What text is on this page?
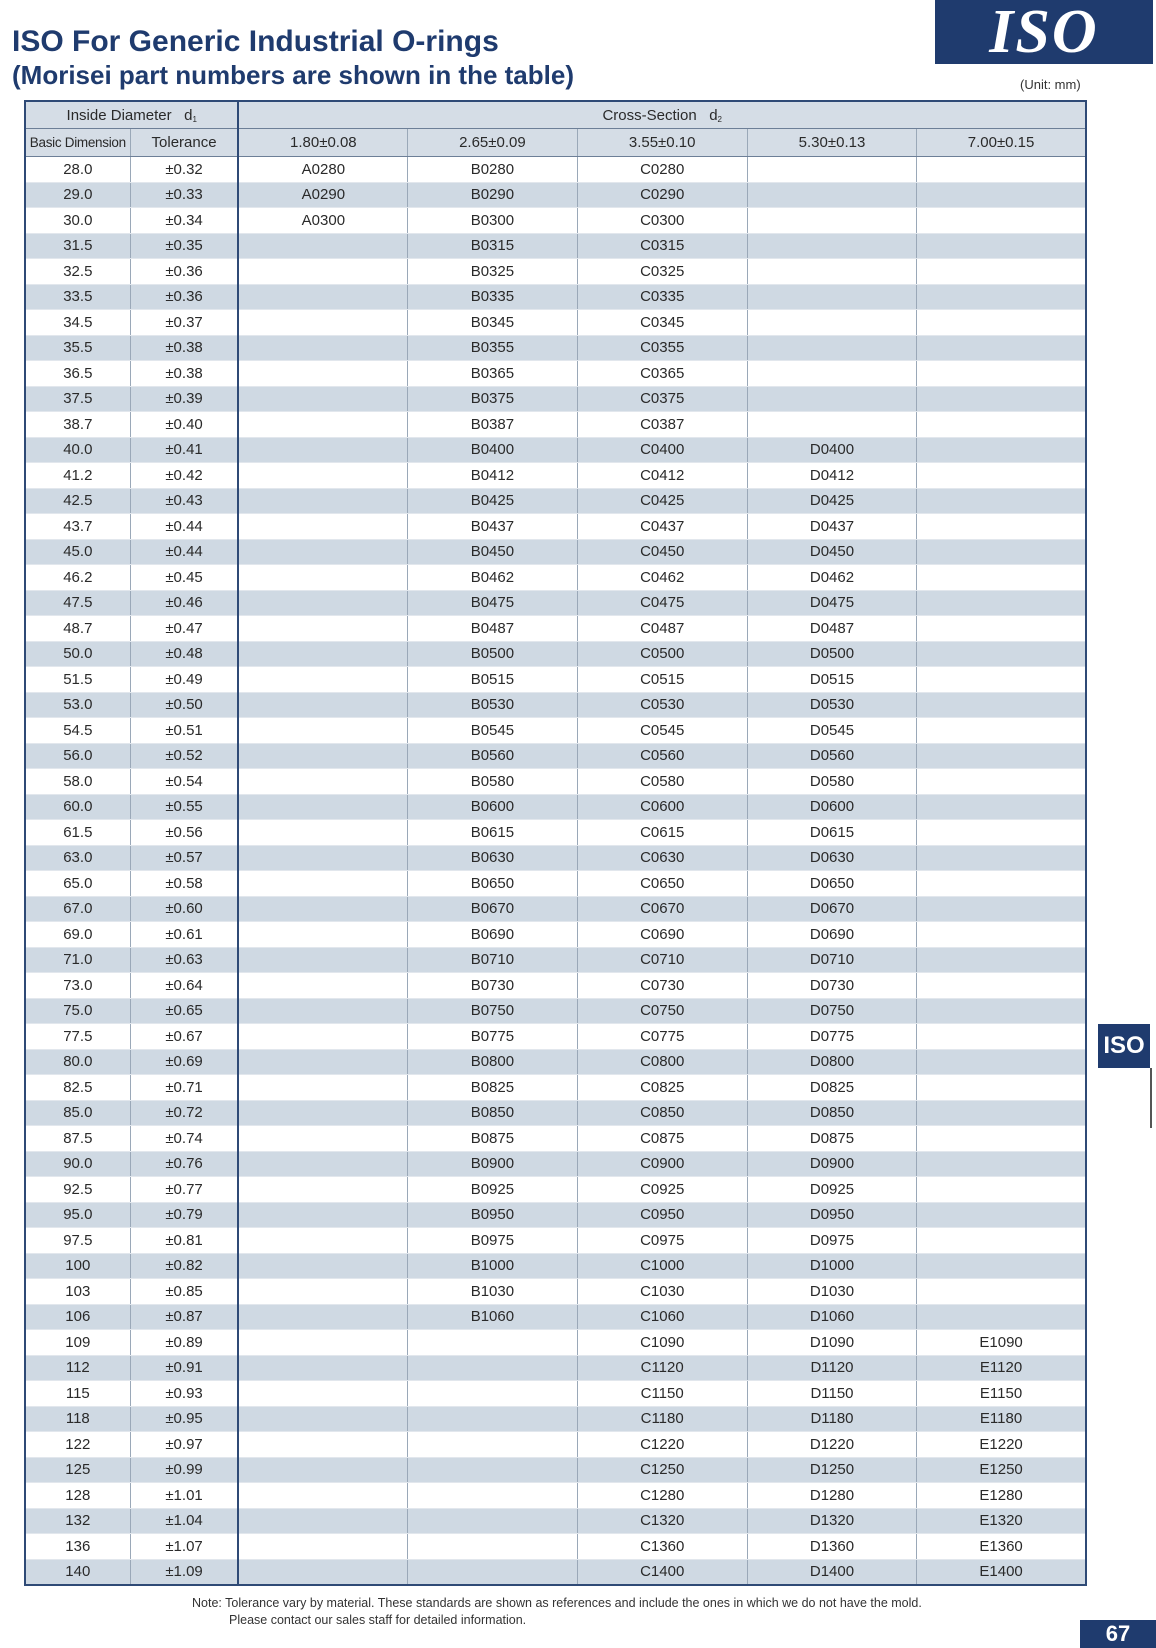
ISO For Generic Industrial O-rings
(Morisei part numbers are shown in the table)
ISO
(Unit: mm)
Inside Diameter $d_1$		Cross-Section $d_2$
Basic Dimension	Tolerance	1.80±0.08	2.65±0.09	3.55±0.10	5.30±0.13	7.00±0.15
28.0	±0.32	A0280	B0280	C0280		
29.0	±0.33	A0290	B0290	C0290		
30.0	±0.34	A0300	B0300	C0300		
31.5	±0.35		B0315	C0315		
32.5	±0.36		B0325	C0325		
33.5	±0.36		B0335	C0335		
34.5	±0.37		B0345	C0345		
35.5	±0.38		B0355	C0355		
36.5	±0.38		B0365	C0365		
37.5	±0.39		B0375	C0375		
38.7	±0.40		B0387	C0387		
40.0	±0.41		B0400	C0400	D0400	
41.2	±0.42		B0412	C0412	D0412	
42.5	±0.43		B0425	C0425	D0425	
43.7	±0.44		B0437	C0437	D0437	
45.0	±0.44		B0450	C0450	D0450	
46.2	±0.45		B0462	C0462	D0462	
47.5	±0.46		B0475	C0475	D0475	
48.7	±0.47		B0487	C0487	D0487	
50.0	±0.48		B0500	C0500	D0500	
51.5	±0.49		B0515	C0515	D0515	
53.0	±0.50		B0530	C0530	D0530	
54.5	±0.51		B0545	C0545	D0545	
56.0	±0.52		B0560	C0560	D0560	
58.0	±0.54		B0580	C0580	D0580	
60.0	±0.55		B0600	C0600	D0600	
61.5	±0.56		B0615	C0615	D0615	
63.0	±0.57		B0630	C0630	D0630	
65.0	±0.58		B0650	C0650	D0650	
67.0	±0.60		B0670	C0670	D0670	
69.0	±0.61		B0690	C0690	D0690	
71.0	±0.63		B0710	C0710	D0710	
73.0	±0.64		B0730	C0730	D0730	
75.0	±0.65		B0750	C0750	D0750	
77.5	±0.67		B0775	C0775	D0775	
80.0	±0.69		B0800	C0800	D0800	
82.5	±0.71		B0825	C0825	D0825	
85.0	±0.72		B0850	C0850	D0850	
87.5	±0.74		B0875	C0875	D0875	
90.0	±0.76		B0900	C0900	D0900	
92.5	±0.77		B0925	C0925	D0925	
95.0	±0.79		B0950	C0950	D0950	
97.5	±0.81		B0975	C0975	D0975	
100	±0.82		B1000	C1000	D1000	
103	±0.85		B1030	C1030	D1030	
106	±0.87		B1060	C1060	D1060	
109	±0.89			C1090	D1090	E1090
112	±0.91			C1120	D1120	E1120
115	±0.93			C1150	D1150	E1150
118	±0.95			C1180	D1180	E1180
122	±0.97			C1220	D1220	E1220
125	±0.99			C1250	D1250	E1250
128	±1.01			C1280	D1280	E1280
132	±1.04			C1320	D1320	E1320
136	±1.07			C1360	D1360	E1360
140	±1.09			C1400	D1400	E1400
Note: Tolerance vary by material. These standards are shown as references and include the ones in which we do not have the mold.
Please contact our sales staff for detailed information.
ISO
67
